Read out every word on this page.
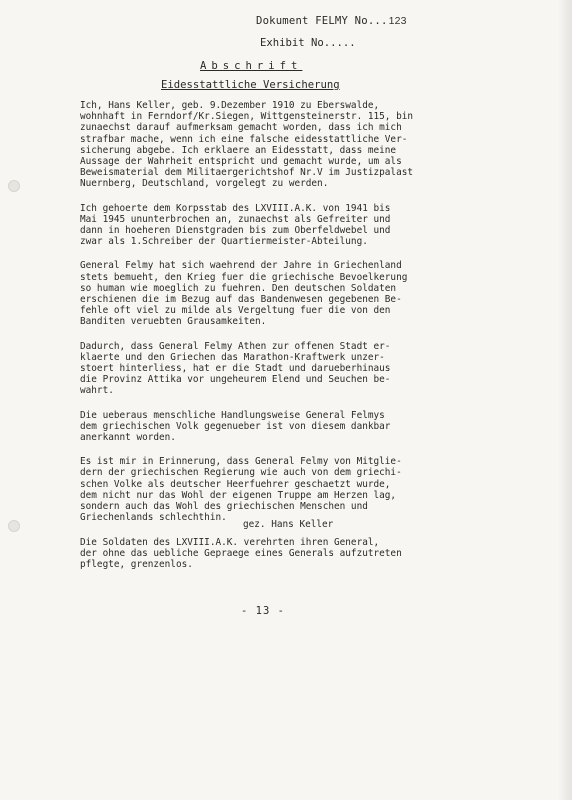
Dokument FELMY No...123
Exhibit No.....
Abschrift
Eidesstattliche Versicherung
Ich, Hans Keller, geb. 9.Dezember 1910 zu Eberswalde,
wohnhaft in Ferndorf/Kr.Siegen, Wittgensteinerstr. 115, bin
zunaechst darauf aufmerksam gemacht worden, dass ich mich
strafbar mache, wenn ich eine falsche eidesstattliche Ver-
sicherung abgebe. Ich erklaere an Eidesstatt, dass meine
Aussage der Wahrheit entspricht und gemacht wurde, um als
Beweismaterial dem Militaergerichtshof Nr.V im Justizpalast
Nuernberg, Deutschland, vorgelegt zu werden.
Ich gehoerte dem Korpsstab des LXVIII.A.K. von 1941 bis
Mai 1945 ununterbrochen an, zunaechst als Gefreiter und
dann in hoeheren Dienstgraden bis zum Oberfeldwebel und
zwar als 1.Schreiber der Quartiermeister-Abteilung.
General Felmy hat sich waehrend der Jahre in Griechenland
stets bemueht, den Krieg fuer die griechische Bevoelkerung
so human wie moeglich zu fuehren. Den deutschen Soldaten
erschienen die im Bezug auf das Bandenwesen gegebenen Be-
fehle oft viel zu milde als Vergeltung fuer die von den
Banditen veruebten Grausamkeiten.
Dadurch, dass General Felmy Athen zur offenen Stadt er-
klaerte und den Griechen das Marathon-Kraftwerk unzer-
stoert hinterliess, hat er die Stadt und darueberhinaus
die Provinz Attika vor ungeheurem Elend und Seuchen be-
wahrt.
Die ueberaus menschliche Handlungsweise General Felmys
dem griechischen Volk gegenueber ist von diesem dankbar
anerkannt worden.
Es ist mir in Erinnerung, dass General Felmy von Mitglie-
dern der griechischen Regierung wie auch von dem griechi-
schen Volke als deutscher Heerfuehrer geschaetzt wurde,
dem nicht nur das Wohl der eigenen Truppe am Herzen lag,
sondern auch das Wohl des griechischen Menschen und
Griechenlands schlechthin.
Die Soldaten des LXVIII.A.K. verehrten ihren General,
der ohne das uebliche Gepraege eines Generals aufzutreten
pflegte, grenzenlos.
gez. Hans Keller
- 13 -
